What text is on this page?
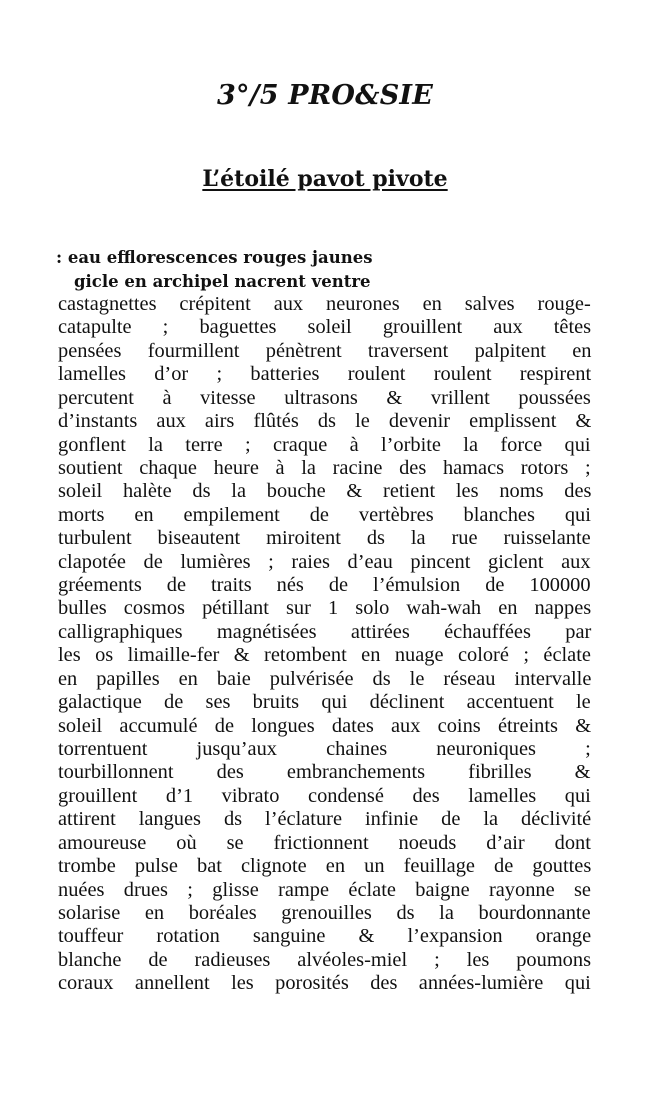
3°/5 PRO&SIE
L’étoilé pavot pivote
: eau efflorescences rouges jaunes
gicle en archipel nacrent ventre
castagnettes crépitent aux neurones en salves rouge-
catapulte ; baguettes soleil grouillent aux têtes
pensées fourmillent pénètrent traversent palpitent en
lamelles d’or ; batteries roulent roulent respirent
percutent à vitesse ultrasons & vrillent poussées
d’instants aux airs flûtés ds le devenir emplissent &
gonflent la terre ; craque à l’orbite la force qui
soutient chaque heure à la racine des hamacs rotors ;
soleil halète ds la bouche & retient les noms des
morts en empilement de vertèbres blanches qui
turbulent biseautent miroitent ds la rue ruisselante
clapotée de lumières ; raies d’eau pincent giclent aux
gréements de traits nés de l’émulsion de 100000
bulles cosmos pétillant sur 1 solo wah-wah en nappes
calligraphiques magnétisées attirées échauffées par
les os limaille-fer & retombent en nuage coloré ; éclate
en papilles en baie pulvérisée ds le réseau intervalle
galactique de ses bruits qui déclinent accentuent le
soleil accumulé de longues dates aux coins étreints &
torrentuent jusqu’aux chaines neuroniques ;
tourbillonnent des embranchements fibrilles &
grouillent d’1 vibrato condensé des lamelles qui
attirent langues ds l’éclature infinie de la déclivité
amoureuse où se frictionnent noeuds d’air dont
trombe pulse bat clignote en un feuillage de gouttes
nuées drues ; glisse rampe éclate baigne rayonne se
solarise en boréales grenouilles ds la bourdonnante
touffeur rotation sanguine & l’expansion orange
blanche de radieuses alvéoles-miel ; les poumons
coraux annellent les porosités des années-lumière qui
